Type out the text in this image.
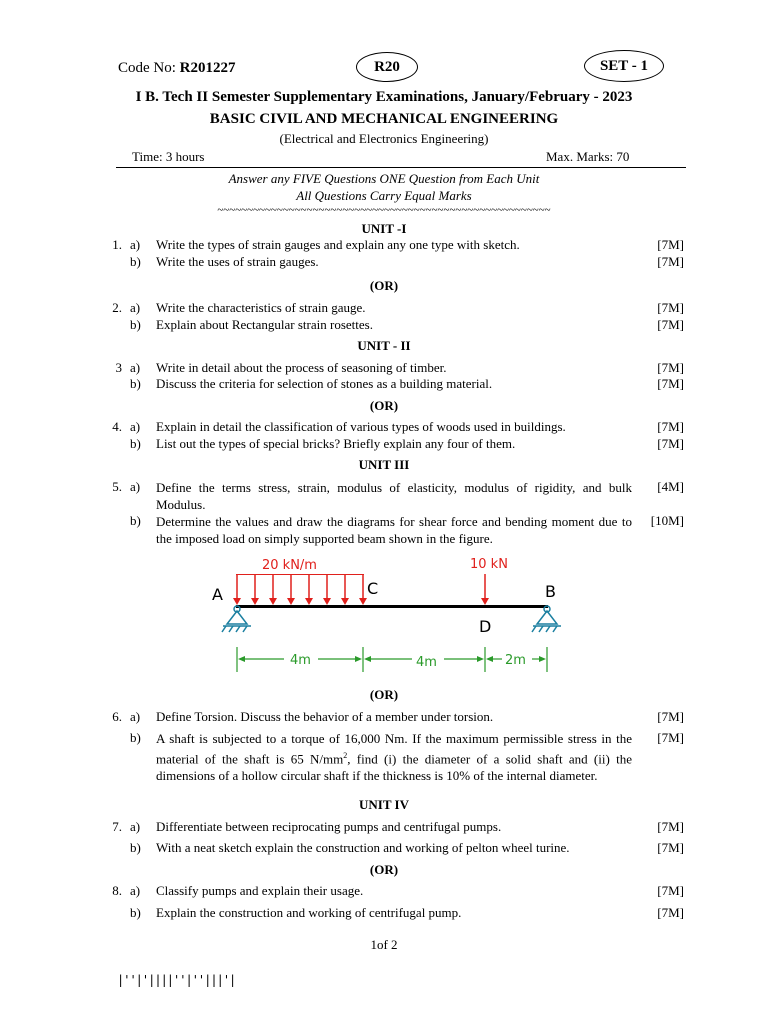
Code No: R201227	R20	SET - 1
I B. Tech II Semester Supplementary Examinations, January/February - 2023
BASIC CIVIL AND MECHANICAL ENGINEERING
(Electrical and Electronics Engineering)
Time: 3 hours	Max. Marks: 70
Answer any FIVE Questions ONE Question from Each Unit
All Questions Carry Equal Marks
~~~~~~~~~~~~~~~~~~~~~~~~~~~~~~~~~~~~~~~~~~~~~~~~~~~~~~~~
UNIT -I
1. a) Write the types of strain gauges and explain any one type with sketch.	[7M]
b) Write the uses of strain gauges.	[7M]
(OR)
2. a) Write the characteristics of strain gauge.	[7M]
b) Explain about Rectangular strain rosettes.	[7M]
UNIT - II
3 a) Write in detail about the process of seasoning of timber.	[7M]
b) Discuss the criteria for selection of stones as a building material.	[7M]
(OR)
4. a) Explain in detail the classification of various types of woods used in buildings.	[7M]
b) List out the types of special bricks? Briefly explain any four of them.	[7M]
UNIT III
5. a) Define the terms stress, strain, modulus of elasticity, modulus of rigidity, and bulk Modulus.
[4M]
b) Determine the values and draw the diagrams for shear force and bending moment due to the imposed load on simply supported beam shown in the figure.
[10M]
20 kN/m	10 kN
A	C
D
B
4m	4m	2m
(OR)
6. a) Define Torsion. Discuss the behavior of a member under torsion.	[7M]
b) A shaft is subjected to a torque of 16,000 Nm. If the maximum permissible stress in the material of the shaft is 65 $N/mm^2$, find (i) the diameter of a solid shaft and (ii) the dimensions of a hollow circular shaft if the thickness is 10% of the internal diameter.
[7M]
UNIT IV
7. a) Differentiate between reciprocating pumps and centrifugal pumps.	[7M]
b) With a neat sketch explain the construction and working of pelton wheel turine.	[7M]
(OR)
8. a) Classify pumps and explain their usage.	[7M]
b) Explain the construction and working of centrifugal pump.	[7M]
1of 2
|''|'||||''|''|||'|
